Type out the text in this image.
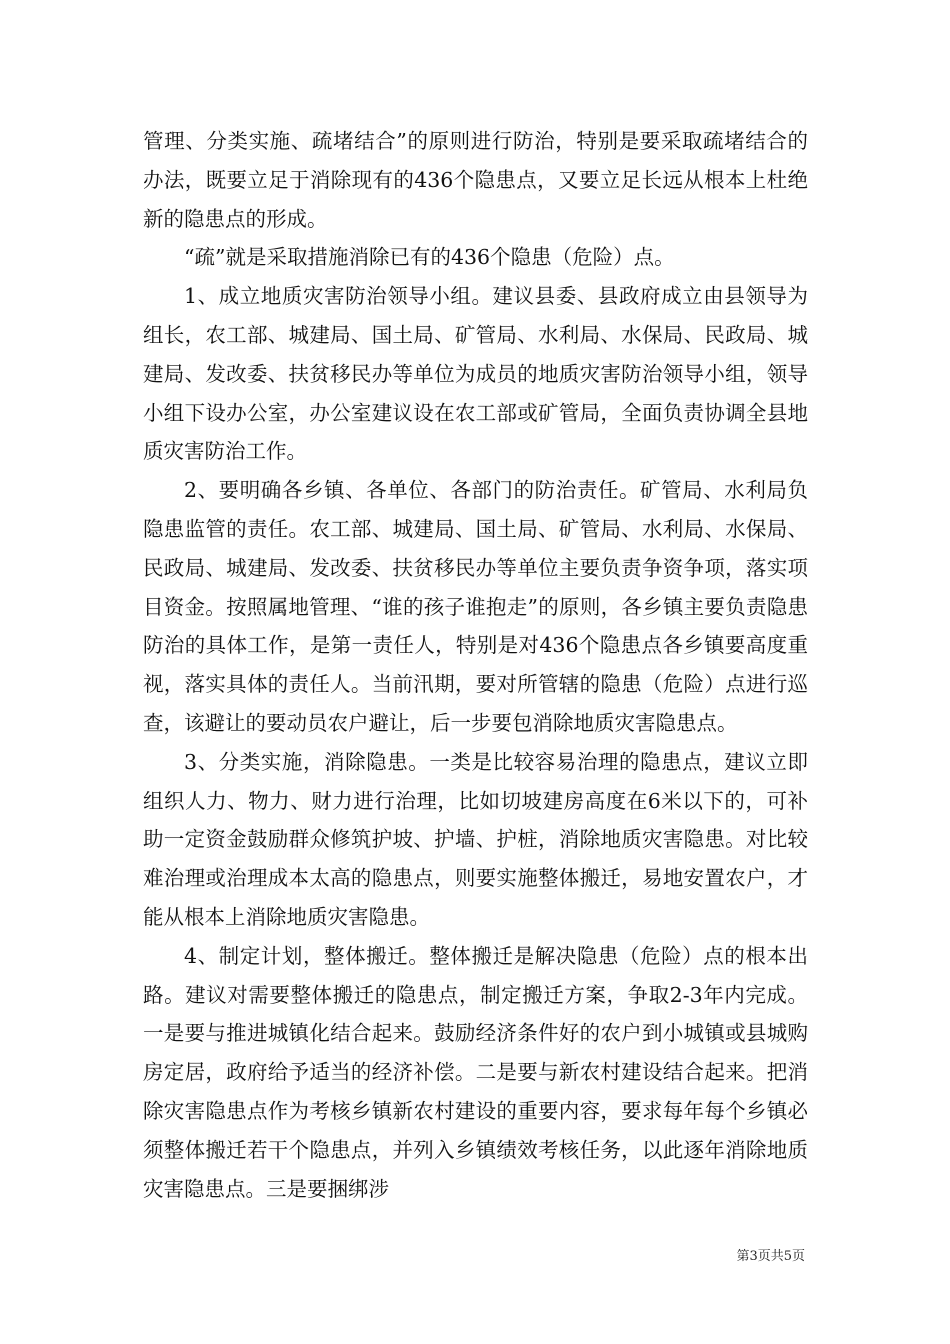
管理、分类实施、疏堵结合”的原则进行防治，特别是要采取疏堵结合的办法，既要立足于消除现有的436个隐患点，又要立足长远从根本上杜绝新的隐患点的形成。

“疏”就是采取措施消除已有的436个隐患（危险）点。

1、成立地质灾害防治领导小组。建议县委、县政府成立由县领导为组长，农工部、城建局、国土局、矿管局、水利局、水保局、民政局、城建局、发改委、扶贫移民办等单位为成员的地质灾害防治领导小组，领导小组下设办公室，办公室建议设在农工部或矿管局，全面负责协调全县地质灾害防治工作。

2、要明确各乡镇、各单位、各部门的防治责任。矿管局、水利局负隐患监管的责任。农工部、城建局、国土局、矿管局、水利局、水保局、民政局、城建局、发改委、扶贫移民办等单位主要负责争资争项，落实项目资金。按照属地管理、“谁的孩子谁抱走”的原则，各乡镇主要负责隐患防治的具体工作，是第一责任人，特别是对436个隐患点各乡镇要高度重视，落实具体的责任人。当前汛期，要对所管辖的隐患（危险）点进行巡查，该避让的要动员农户避让，后一步要包消除地质灾害隐患点。

3、分类实施，消除隐患。一类是比较容易治理的隐患点，建议立即组织人力、物力、财力进行治理，比如切坡建房高度在6米以下的，可补助一定资金鼓励群众修筑护坡、护墙、护桩，消除地质灾害隐患。对比较难治理或治理成本太高的隐患点，则要实施整体搬迁，易地安置农户，才能从根本上消除地质灾害隐患。

4、制定计划，整体搬迁。整体搬迁是解决隐患（危险）点的根本出路。建议对需要整体搬迁的隐患点，制定搬迁方案，争取2-3年内完成。一是要与推进城镇化结合起来。鼓励经济条件好的农户到小城镇或县城购房定居，政府给予适当的经济补偿。二是要与新农村建设结合起来。把消除灾害隐患点作为考核乡镇新农村建设的重要内容，要求每年每个乡镇必须整体搬迁若干个隐患点，并列入乡镇绩效考核任务，以此逐年消除地质灾害隐患点。三是要捆绑涉

第3页共5页
